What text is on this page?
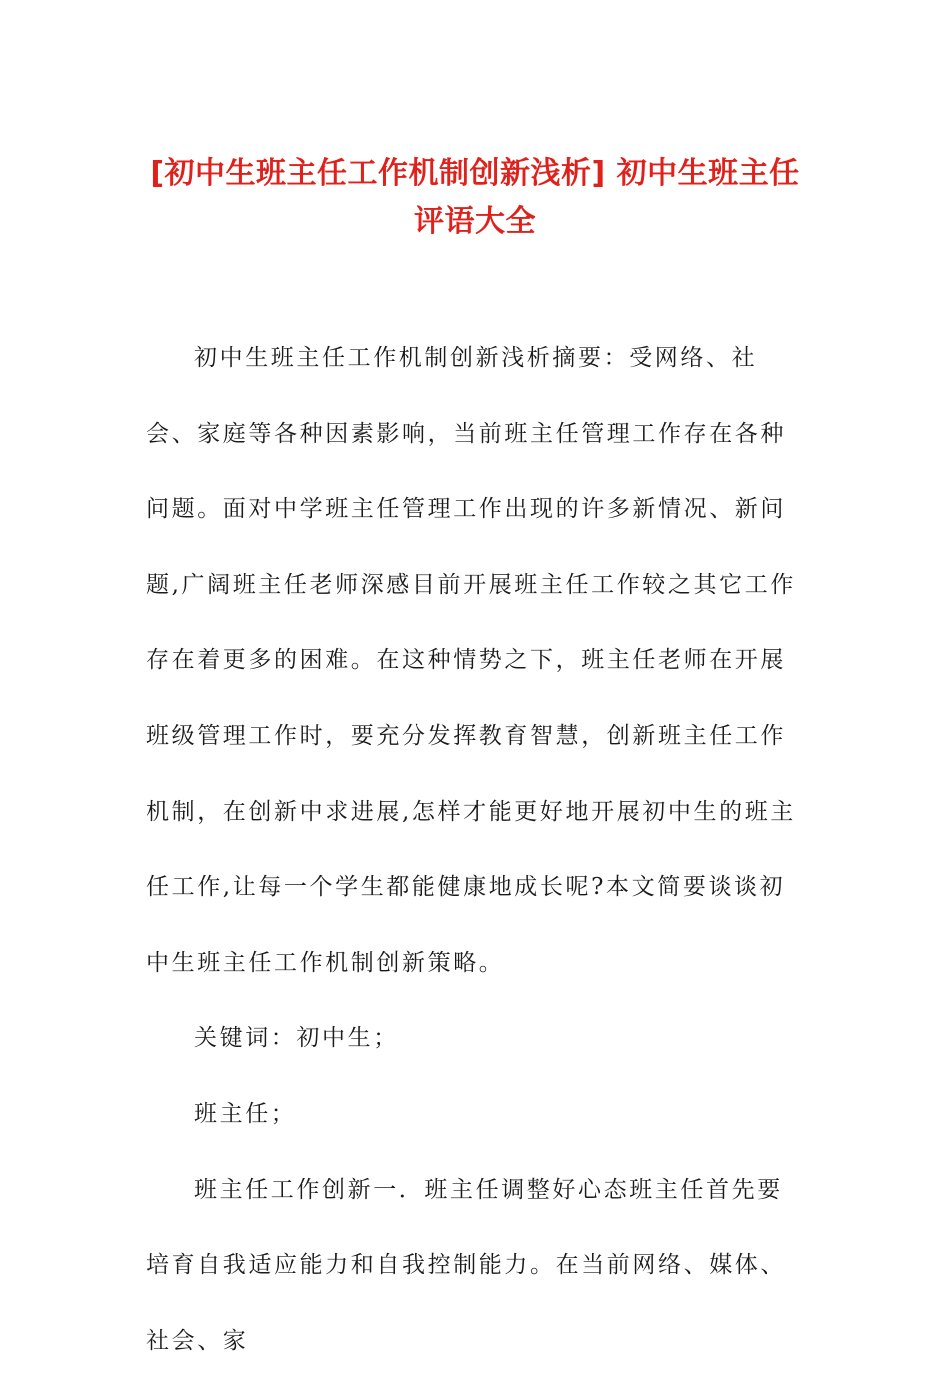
[初中生班主任工作机制创新浅析] 初中生班主任评语大全

初中生班主任工作机制创新浅析摘要：受网络、社会、家庭等各种因素影响，当前班主任管理工作存在各种问题。面对中学班主任管理工作出现的许多新情况、新问题,广阔班主任老师深感目前开展班主任工作较之其它工作存在着更多的困难。在这种情势之下，班主任老师在开展班级管理工作时，要充分发挥教育智慧，创新班主任工作机制，在创新中求进展,怎样才能更好地开展初中生的班主任工作,让每一个学生都能健康地成长呢?本文简要谈谈初中生班主任工作机制创新策略。

关键词：初中生；

班主任；

班主任工作创新一．班主任调整好心态班主任首先要培育自我适应能力和自我控制能力。在当前网络、媒体、社会、家
